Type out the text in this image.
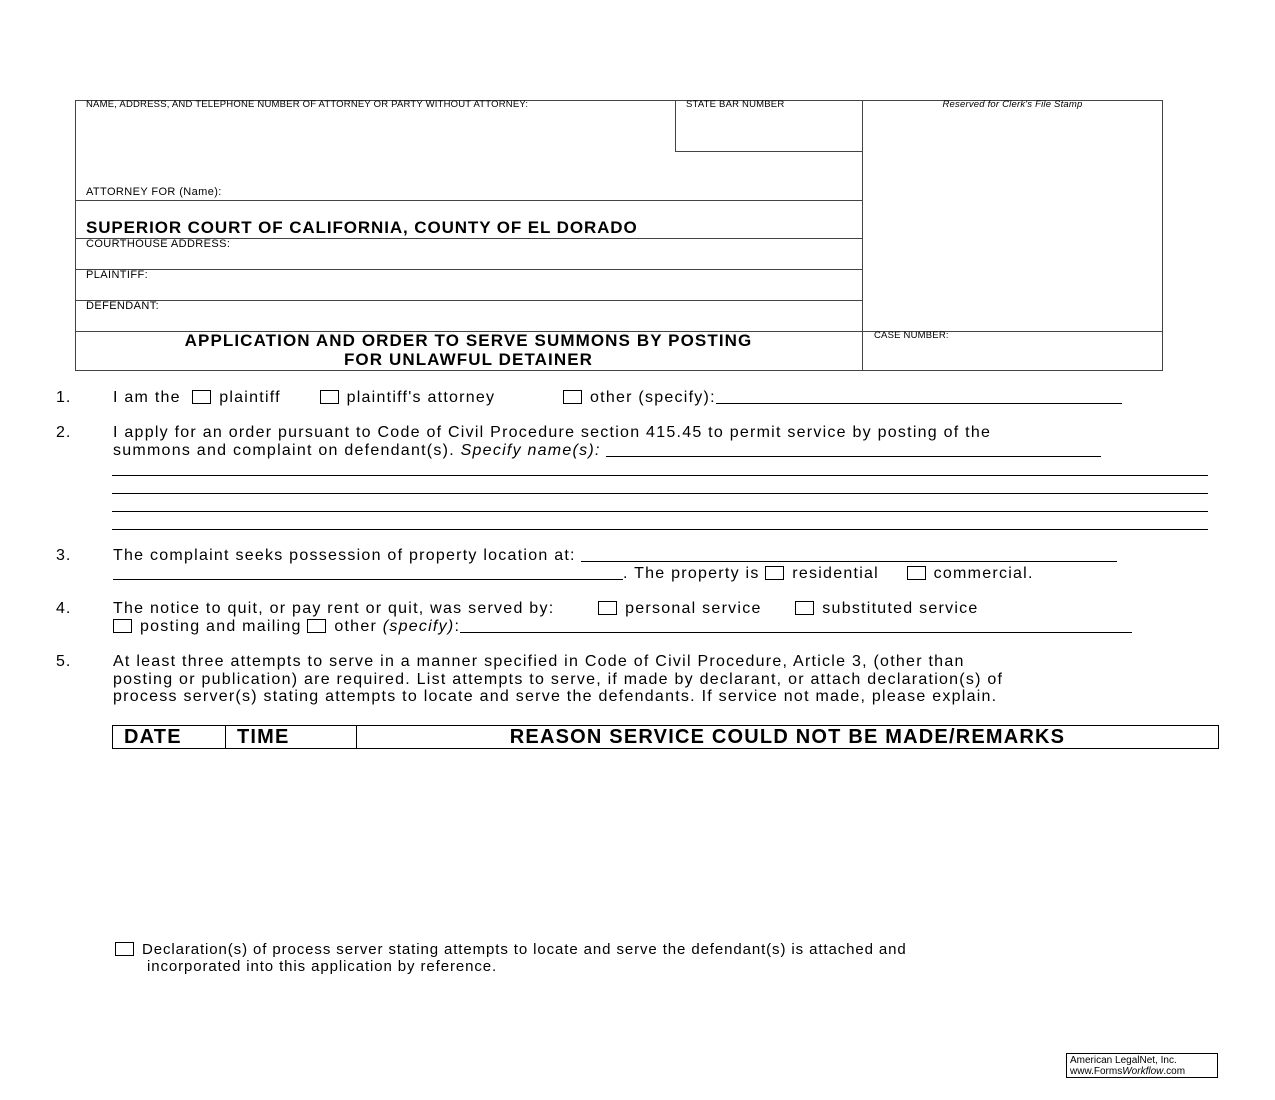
NAME, ADDRESS, AND TELEPHONE NUMBER OF ATTORNEY OR PARTY WITHOUT ATTORNEY:	STATE BAR NUMBER	Reserved for Clerk's File Stamp
ATTORNEY FOR (Name):
SUPERIOR COURT OF CALIFORNIA, COUNTY OF EL DORADO
COURTHOUSE ADDRESS:
PLAINTIFF:
DEFENDANT:
APPLICATION AND ORDER TO SERVE SUMMONS BY POSTING
FOR UNLAWFUL DETAINER
CASE NUMBER:
1.	I am the plaintiff	plaintiff's attorney	other (specify):
2.	I apply for an order pursuant to Code of Civil Procedure section 415.45 to permit service by posting of the
summons and complaint on defendant(s). Specify name(s):
3.	The complaint seeks possession of property location at:
. The property is residential	commercial.
4.	The notice to quit, or pay rent or quit, was served by:	personal service	substituted service
posting and mailing other (specify):
5.	At least three attempts to serve in a manner specified in Code of Civil Procedure, Article 3, (other than
posting or publication) are required. List attempts to serve, if made by declarant, or attach declaration(s) of
process server(s) stating attempts to locate and serve the defendants. If service not made, please explain.
DATE	TIME	REASON SERVICE COULD NOT BE MADE/REMARKS
Declaration(s) of process server stating attempts to locate and serve the defendant(s) is attached and
incorporated into this application by reference.
American LegalNet, Inc.
www.FormsWorkflow.com
